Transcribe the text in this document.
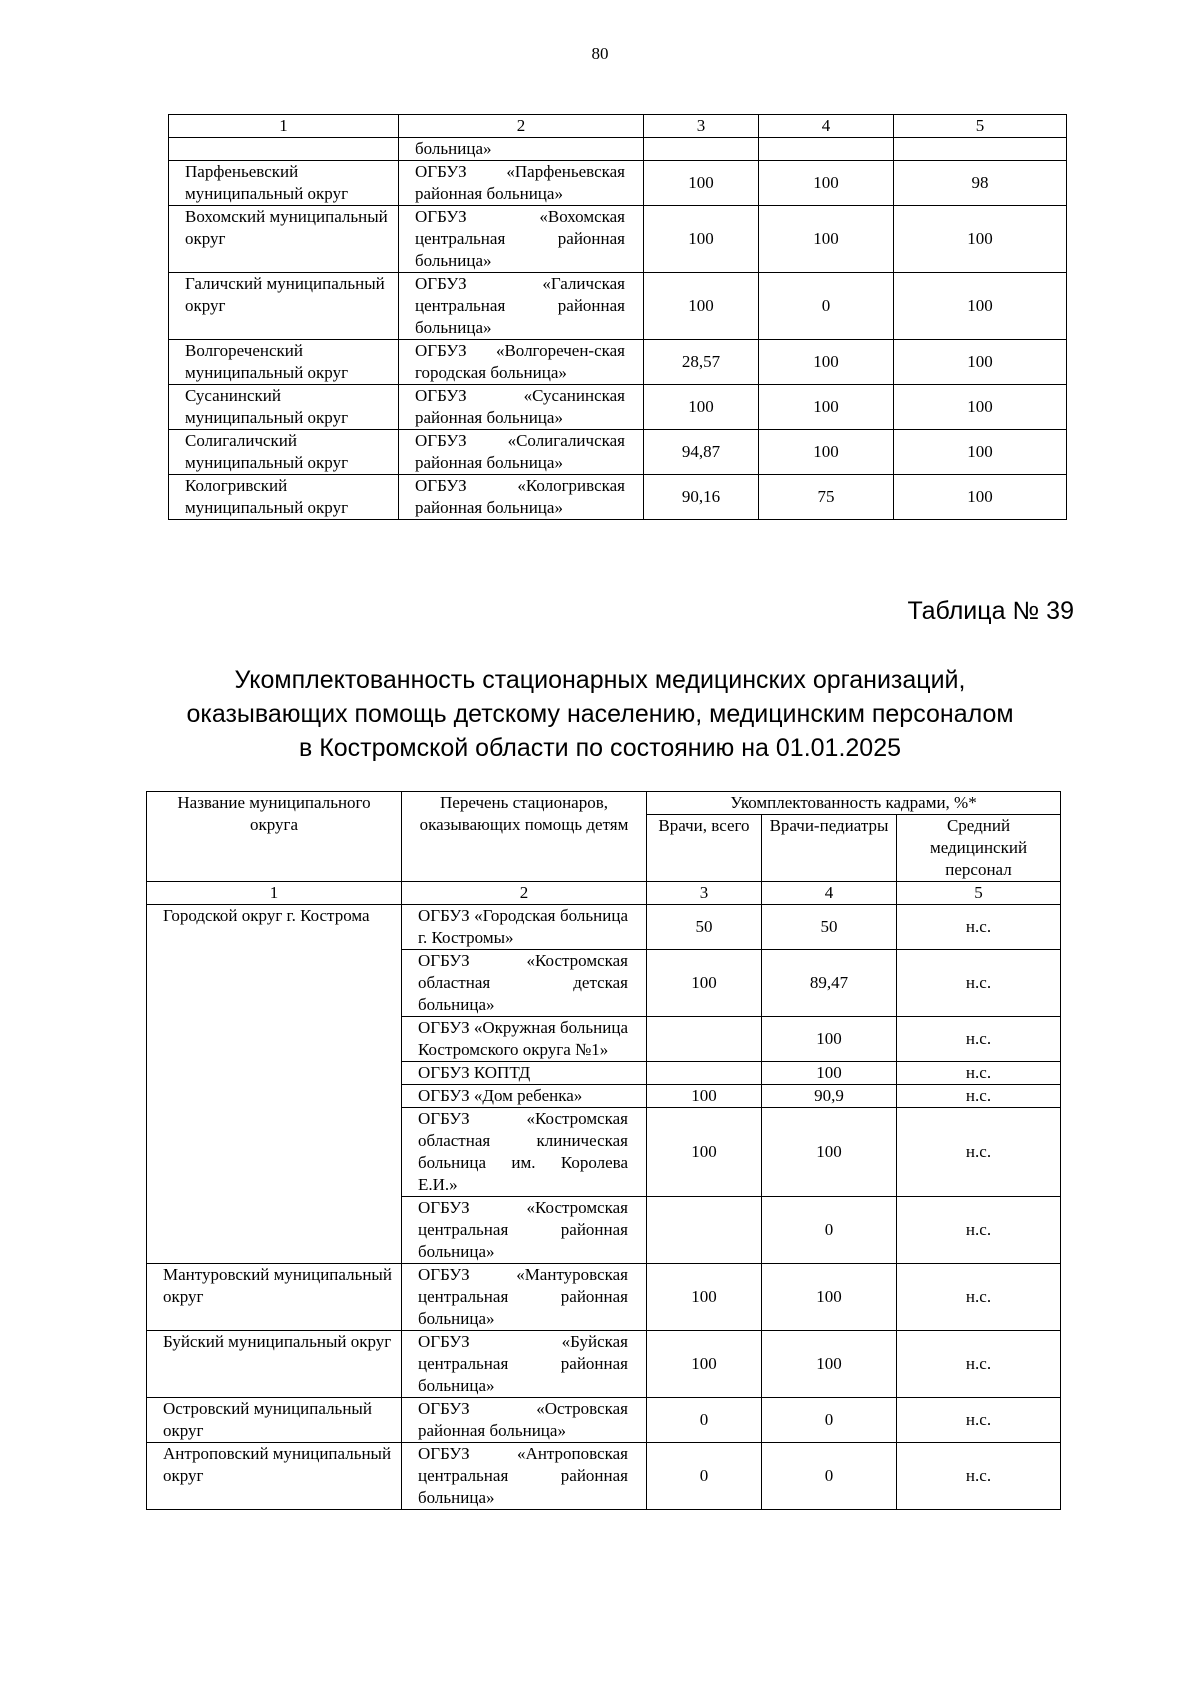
80
1	2	3	4	5
	больница»			
Парфеньевский муниципальный округ	ОГБУЗ «Парфеньевская районная больница»	100	100	98
Вохомский муниципальный округ	ОГБУЗ «Вохомская центральная районная больница»	100	100	100
Галичский муниципальный округ	ОГБУЗ «Галичская центральная районная больница»	100	0	100
Волгореченский муниципальный округ	ОГБУЗ «Волгоречен-ская городская больница»	28,57	100	100
Сусанинский муниципальный округ	ОГБУЗ «Сусанинская районная больница»	100	100	100
Солигаличский муниципальный округ	ОГБУЗ «Солигаличская районная больница»	94,87	100	100
Кологривский муниципальный округ	ОГБУЗ «Кологривская районная больница»	90,16	75	100
Таблица № 39
Укомплектованность стационарных медицинских организаций,
оказывающих помощь детскому населению, медицинским персоналом
в Костромской области по состоянию на 01.01.2025
Название муниципального округа	Перечень стационаров, оказывающих помощь детям	Укомплектованность кадрами, %*		
		Врачи, всего	Врачи-педиатры	Средний медицинский персонал
1	2	3	4	5
Городской округ г. Кострома	ОГБУЗ «Городская больница г. Костромы»	50	50	н.с.
	ОГБУЗ «Костромская областная детская больница»	100	89,47	н.с.
	ОГБУЗ «Окружная больница Костромского округа №1»		100	н.с.
	ОГБУЗ КОПТД		100	н.с.
	ОГБУЗ «Дом ребенка»	100	90,9	н.с.
	ОГБУЗ «Костромская областная клиническая больница им. Королева Е.И.»	100	100	н.с.
	ОГБУЗ «Костромская центральная районная больница»		0	н.с.
Мантуровский муниципальный округ	ОГБУЗ «Мантуровская центральная районная больница»	100	100	н.с.
Буйский муниципальный округ	ОГБУЗ «Буйская центральная районная больница»	100	100	н.с.
Островский муниципальный округ	ОГБУЗ «Островская районная больница»	0	0	н.с.
Антроповский муниципальный округ	ОГБУЗ «Антроповская центральная районная больница»	0	0	н.с.
